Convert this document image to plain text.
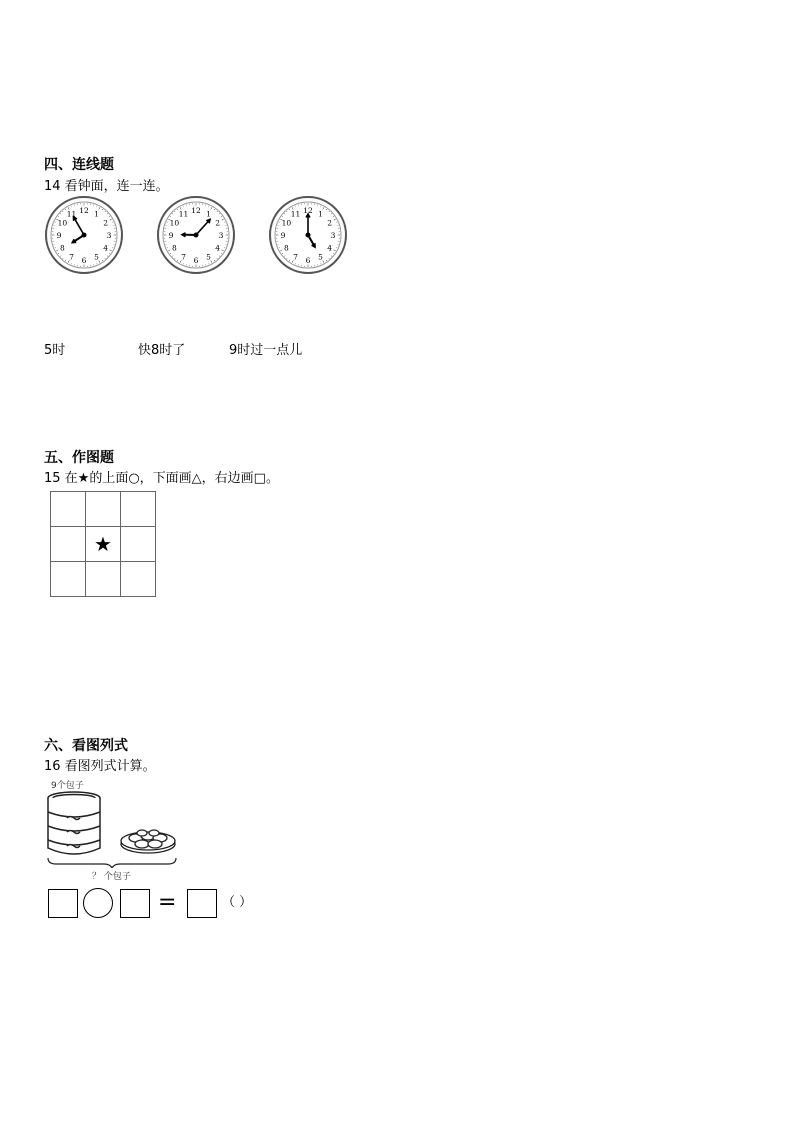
四、连线题
14 看钟面，连一连。
12 1
2
3
4
5
6
7
8
9
10
11	12 1
2
3
4
5
6
7
8
9
10
11	12 1
2
3
4
5
6
7
8
9
10
11
5时	快8时了	9时过一点儿
五、作图题
15 在★的上面○，下面画△，右边画□。

	★	

六、看图列式
16 看图列式计算。
9个包子
？ 个包子
=	（ ）
